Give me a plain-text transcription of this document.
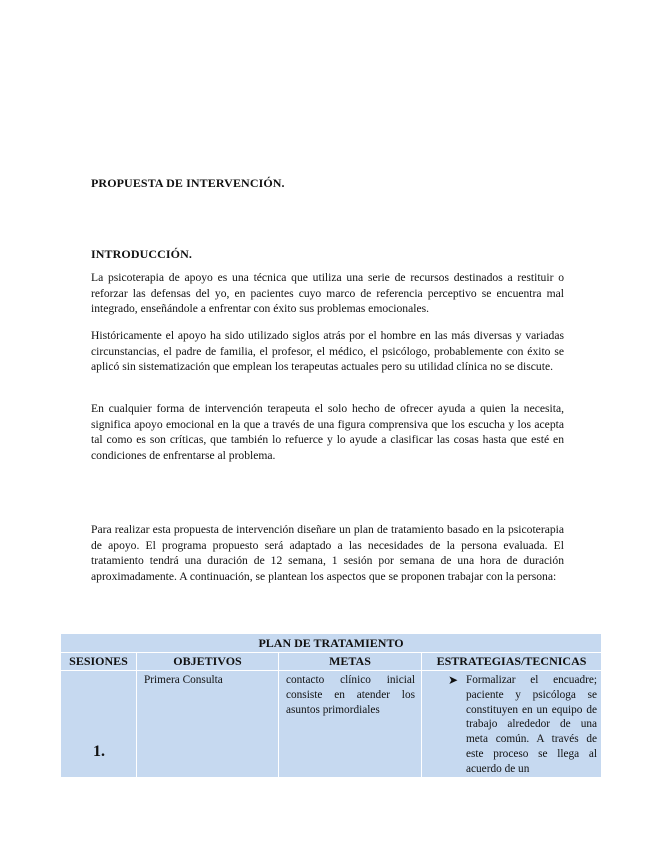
PROPUESTA DE INTERVENCIÓN.
INTRODUCCIÓN.

La psicoterapia de apoyo es una técnica que utiliza una serie de recursos destinados a restituir o reforzar las defensas del yo, en pacientes cuyo marco de referencia perceptivo se encuentra mal integrado, enseñándole a enfrentar con éxito sus problemas emocionales.

Históricamente el apoyo ha sido utilizado siglos atrás por el hombre en las más diversas y variadas circunstancias, el padre de familia, el profesor, el médico, el psicólogo, probablemente con éxito se aplicó sin sistematización que emplean los terapeutas actuales pero su utilidad clínica no se discute.

En cualquier forma de intervención terapeuta el solo hecho de ofrecer ayuda a quien la necesita, significa apoyo emocional en la que a través de una figura comprensiva que los escucha y los acepta tal como es son críticas, que también lo refuerce y lo ayude a clasificar las cosas hasta que esté en condiciones de enfrentarse al problema.

Para realizar esta propuesta de intervención diseñare un plan de tratamiento basado en la psicoterapia de apoyo. El programa propuesto será adaptado a las necesidades de la persona evaluada. El tratamiento tendrá una duración de 12 semana, 1 sesión por semana de una hora de duración aproximadamente. A continuación, se plantean los aspectos que se proponen trabajar con la persona:

PLAN DE TRATAMIENTO			
SESIONES	OBJETIVOS	METAS	ESTRATEGIAS/TECNICAS

1.	Primera Consulta	contacto clínico inicial consiste en atender los asuntos primordiales	➤ Formalizar el encuadre; paciente y psicóloga se constituyen en un equipo de trabajo alrededor de una meta común. A través de este proceso se llega al acuerdo de un
